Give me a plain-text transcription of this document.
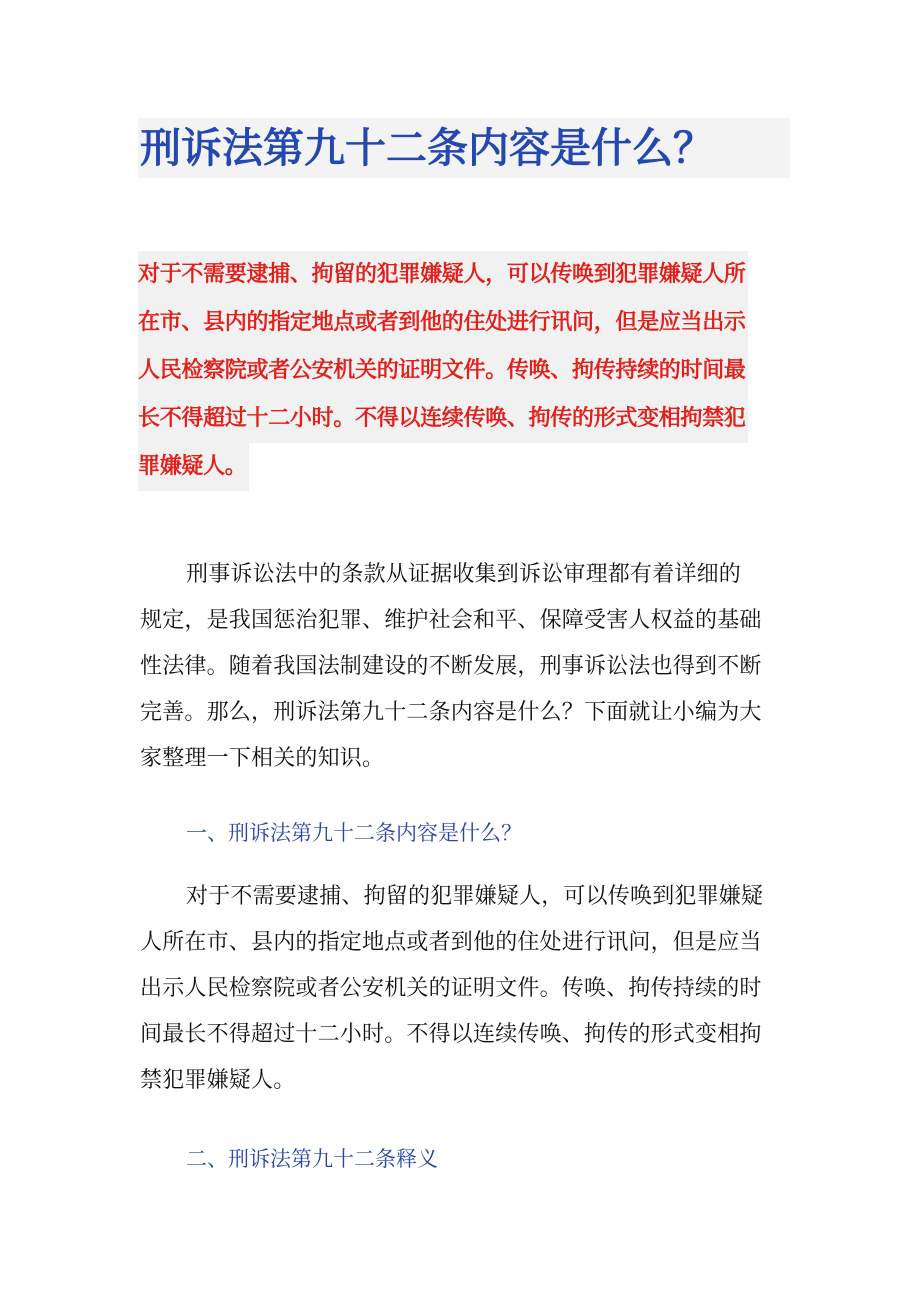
刑诉法第九十二条内容是什么？
对于不需要逮捕、拘留的犯罪嫌疑人，可以传唤到犯罪嫌疑人所
在市、县内的指定地点或者到他的住处进行讯问，但是应当出示
人民检察院或者公安机关的证明文件。传唤、拘传持续的时间最
长不得超过十二小时。不得以连续传唤、拘传的形式变相拘禁犯
罪嫌疑人。
刑事诉讼法中的条款从证据收集到诉讼审理都有着详细的
规定，是我国惩治犯罪、维护社会和平、保障受害人权益的基础
性法律。随着我国法制建设的不断发展，刑事诉讼法也得到不断
完善。那么，刑诉法第九十二条内容是什么？下面就让小编为大
家整理一下相关的知识。
一、刑诉法第九十二条内容是什么？
对于不需要逮捕、拘留的犯罪嫌疑人，可以传唤到犯罪嫌疑
人所在市、县内的指定地点或者到他的住处进行讯问，但是应当
出示人民检察院或者公安机关的证明文件。传唤、拘传持续的时
间最长不得超过十二小时。不得以连续传唤、拘传的形式变相拘
禁犯罪嫌疑人。
二、刑诉法第九十二条释义
